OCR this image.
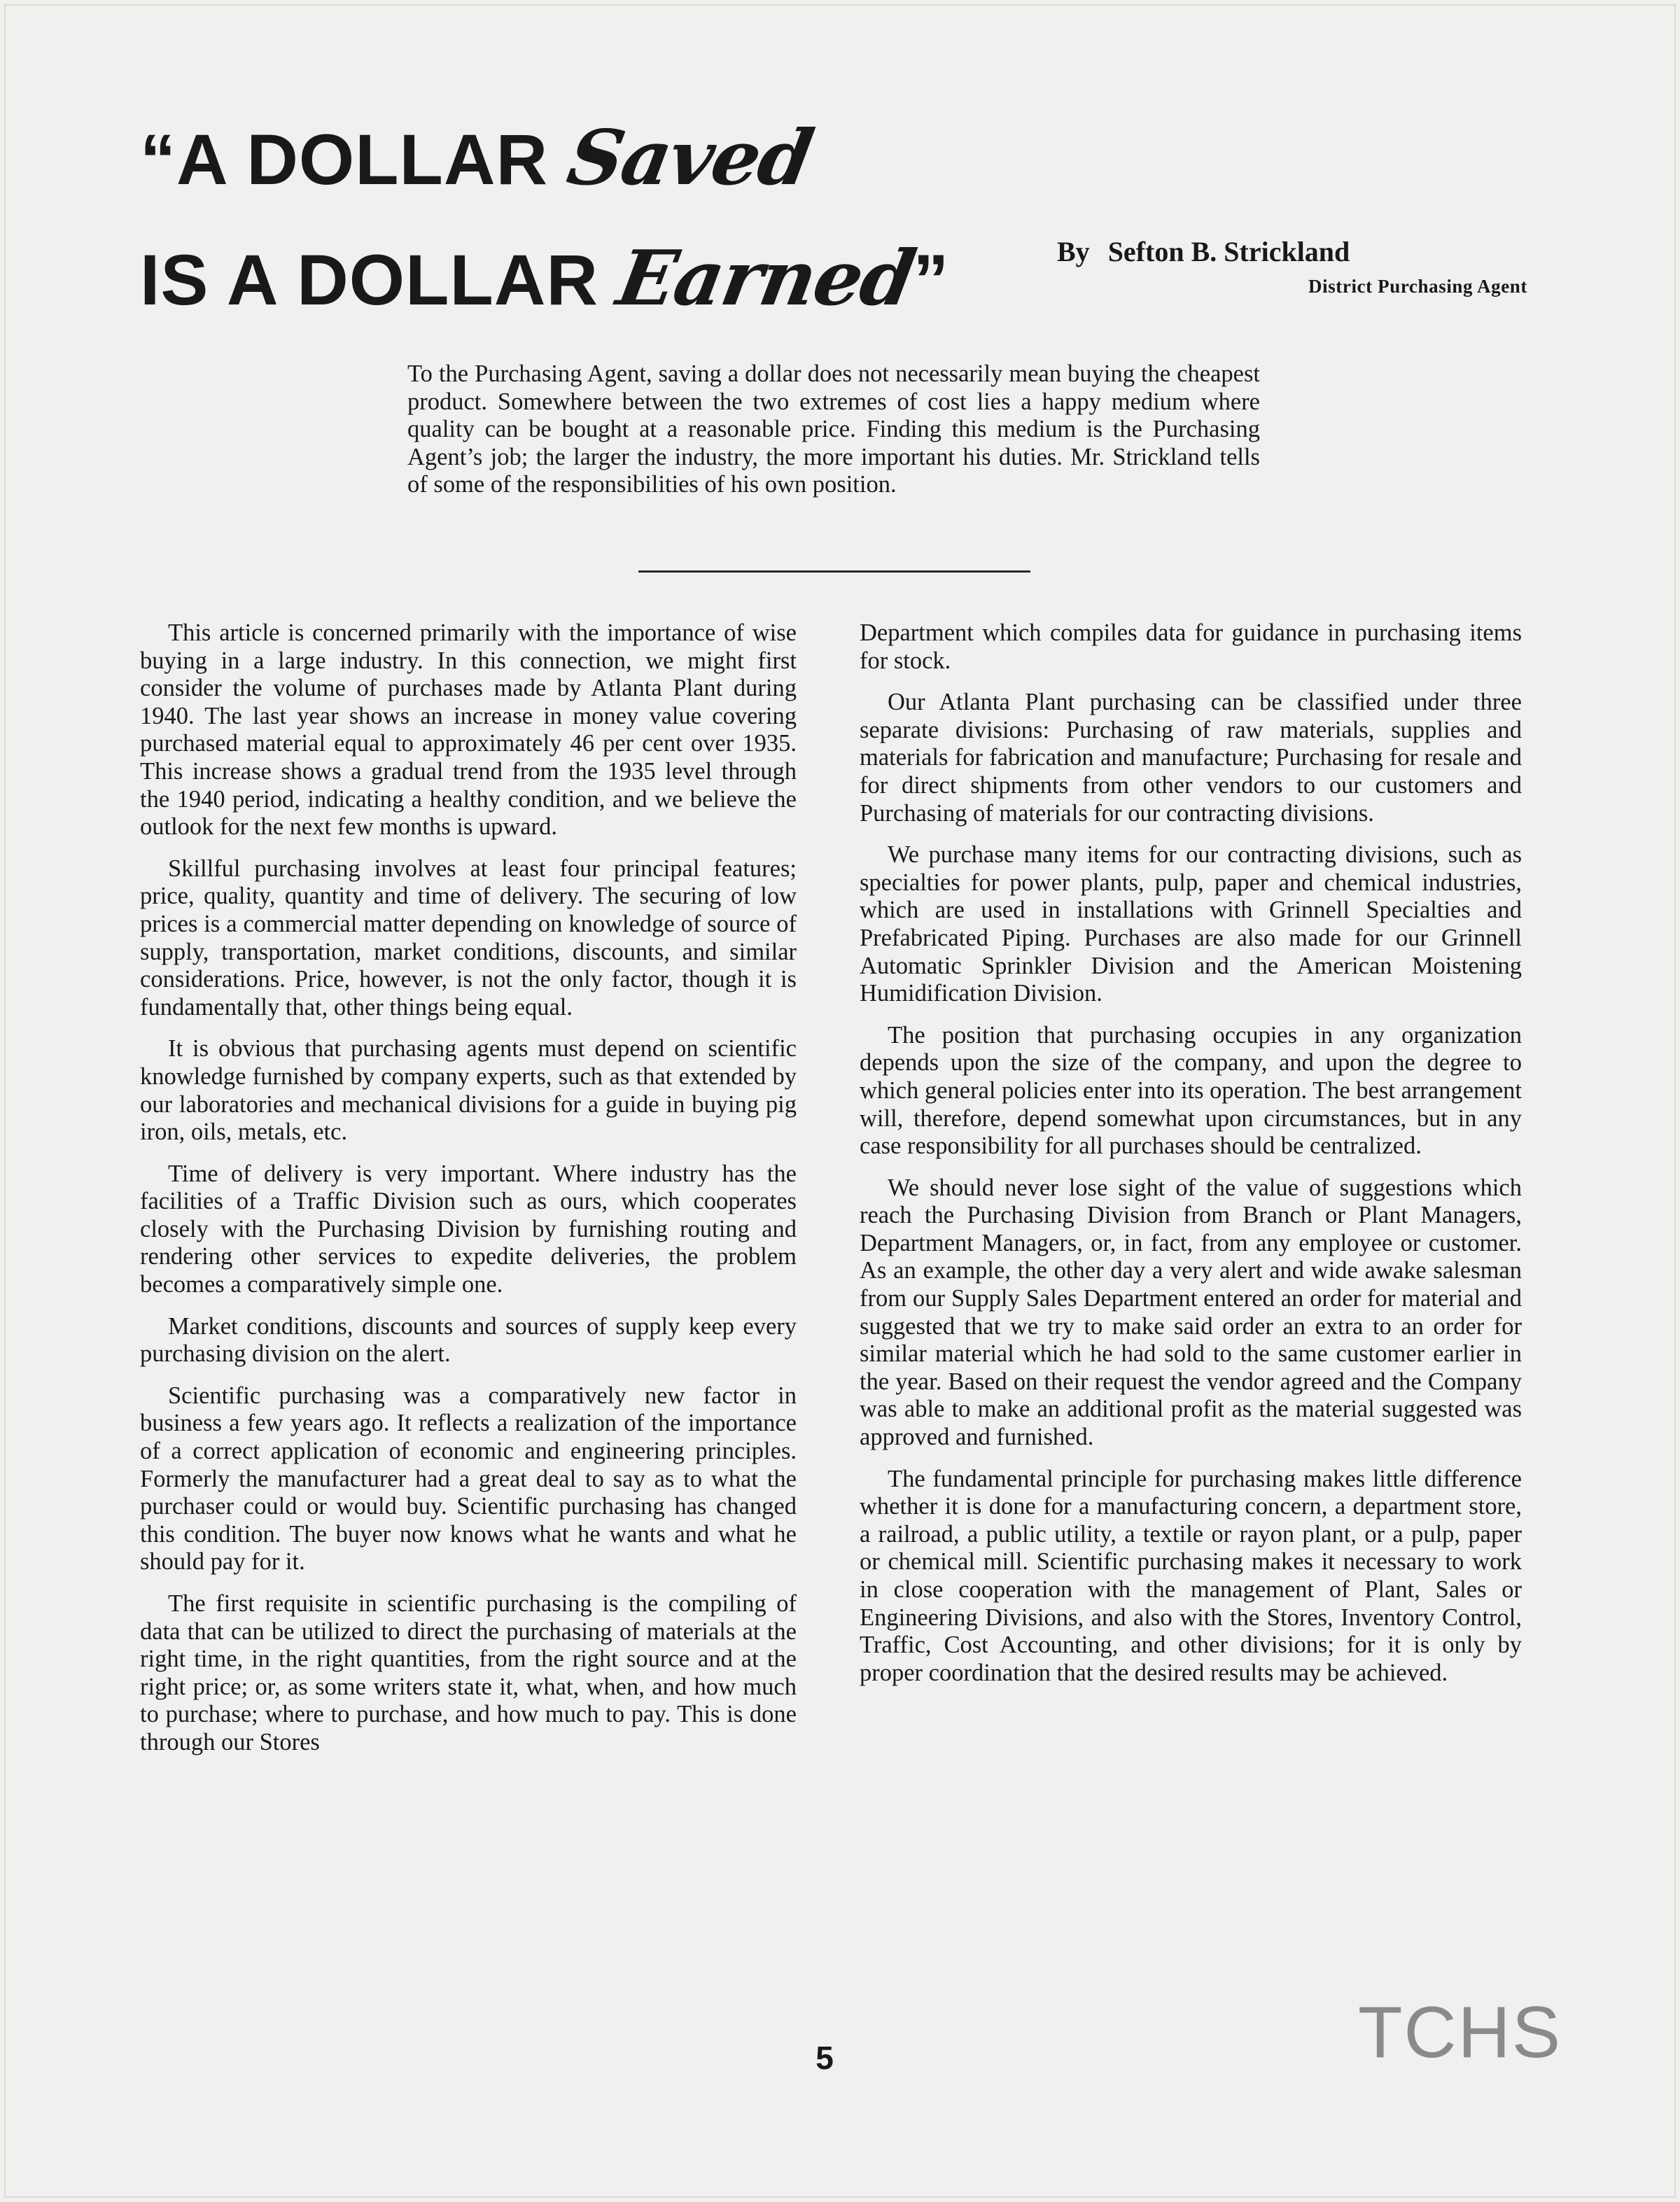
“A DOLLAR Saved
IS A DOLLAR Earned”	By Sefton B. Strickland
District Purchasing Agent

To the Purchasing Agent, saving a dollar does not necessarily mean buying the cheapest product. Somewhere between the two extremes of cost lies a happy medium where quality can be bought at a reasonable price. Finding this medium is the Purchasing Agent’s job; the larger the industry, the more important his duties. Mr. Strickland tells of some of the responsibilities of his own position.

This article is concerned primarily with the importance of wise buying in a large industry. In this connection, we might first consider the volume of purchases made by Atlanta Plant during 1940. The last year shows an increase in money value covering purchased material equal to approximately 46 per cent over 1935. This increase shows a gradual trend from the 1935 level through the 1940 period, indicating a healthy condition, and we believe the outlook for the next few months is upward.

Skillful purchasing involves at least four principal features; price, quality, quantity and time of delivery. The securing of low prices is a commercial matter depending on knowledge of source of supply, transportation, market conditions, discounts, and similar considerations. Price, however, is not the only factor, though it is fundamentally that, other things being equal.

It is obvious that purchasing agents must depend on scientific knowledge furnished by company experts, such as that extended by our laboratories and mechanical divisions for a guide in buying pig iron, oils, metals, etc.

Time of delivery is very important. Where industry has the facilities of a Traffic Division such as ours, which cooperates closely with the Purchasing Division by furnishing routing and rendering other services to expedite deliveries, the problem becomes a comparatively simple one.

Market conditions, discounts and sources of supply keep every purchasing division on the alert.

Scientific purchasing was a comparatively new factor in business a few years ago. It reflects a realization of the importance of a correct application of economic and engineering principles. Formerly the manufacturer had a great deal to say as to what the purchaser could or would buy. Scientific purchasing has changed this condition. The buyer now knows what he wants and what he should pay for it.

The first requisite in scientific purchasing is the compiling of data that can be utilized to direct the purchasing of materials at the right time, in the right quantities, from the right source and at the right price; or, as some writers state it, what, when, and how much to purchase; where to purchase, and how much to pay. This is done through our Stores

Department which compiles data for guidance in purchasing items for stock.

Our Atlanta Plant purchasing can be classified under three separate divisions: Purchasing of raw materials, supplies and materials for fabrication and manufacture; Purchasing for resale and for direct shipments from other vendors to our customers and Purchasing of materials for our contracting divisions.

We purchase many items for our contracting divisions, such as specialties for power plants, pulp, paper and chemical industries, which are used in installations with Grinnell Specialties and Prefabricated Piping. Purchases are also made for our Grinnell Automatic Sprinkler Division and the American Moistening Humidification Division.

The position that purchasing occupies in any organization depends upon the size of the company, and upon the degree to which general policies enter into its operation. The best arrangement will, therefore, depend somewhat upon circumstances, but in any case responsibility for all purchases should be centralized.

We should never lose sight of the value of suggestions which reach the Purchasing Division from Branch or Plant Managers, Department Managers, or, in fact, from any employee or customer. As an example, the other day a very alert and wide awake salesman from our Supply Sales Department entered an order for material and suggested that we try to make said order an extra to an order for similar material which he had sold to the same customer earlier in the year. Based on their request the vendor agreed and the Company was able to make an additional profit as the material suggested was approved and furnished.

The fundamental principle for purchasing makes little difference whether it is done for a manufacturing concern, a department store, a railroad, a public utility, a textile or rayon plant, or a pulp, paper or chemical mill. Scientific purchasing makes it necessary to work in close cooperation with the management of Plant, Sales or Engineering Divisions, and also with the Stores, Inventory Control, Traffic, Cost Accounting, and other divisions; for it is only by proper coordination that the desired results may be achieved.

5	TCHS
